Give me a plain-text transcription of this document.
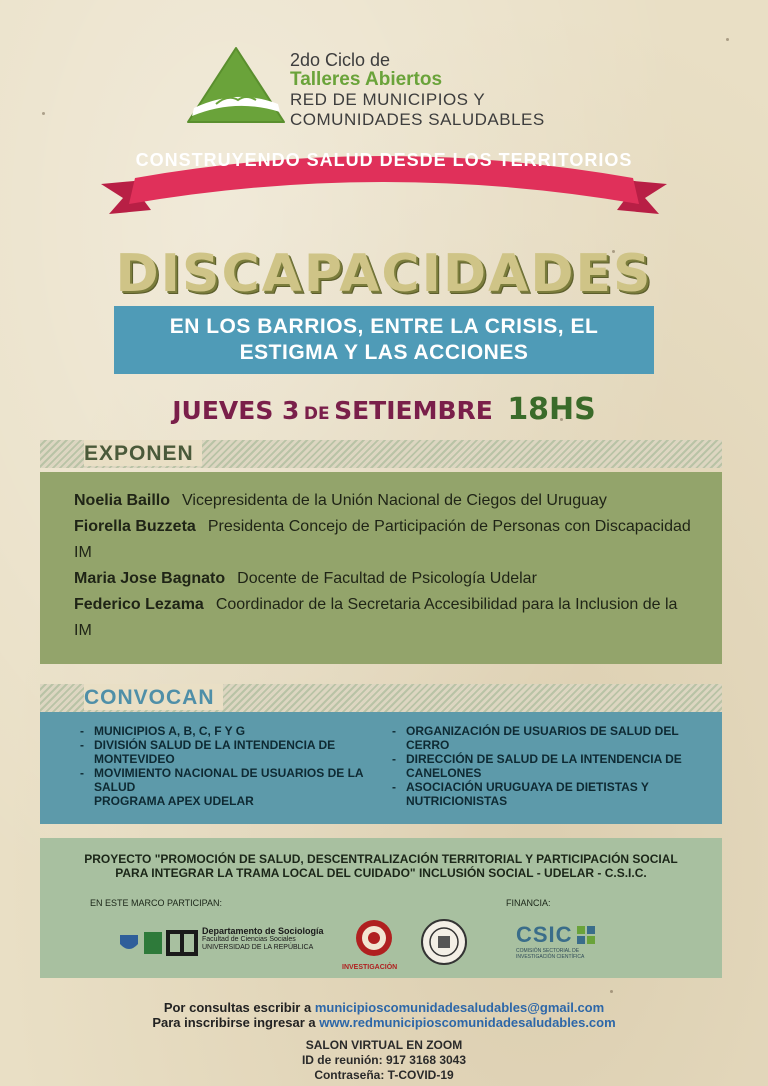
2do Ciclo de
Talleres Abiertos
RED DE MUNICIPIOS Y
COMUNIDADES SALUDABLES
CONSTRUYENDO SALUD DESDE LOS TERRITORIOS
DISCAPACIDADES
EN LOS BARRIOS, ENTRE LA CRISIS, EL
ESTIGMA Y LAS ACCIONES
JUEVES 3 DE SETIEMBRE 18HS
EXPONEN
Noelia Baillo Vicepresidenta de la Unión Nacional de Ciegos del Uruguay
Fiorella Buzzeta Presidenta Concejo de Participación de Personas con Discapacidad IM
Maria Jose Bagnato Docente de Facultad de Psicología Udelar
Federico Lezama Coordinador de la Secretaria Accesibilidad para la Inclusion de la IM
CONVOCAN
- MUNICIPIOS A, B, C, F Y G
- DIVISIÓN SALUD DE LA INTENDENCIA DE MONTEVIDEO
- MOVIMIENTO NACIONAL DE USUARIOS DE LA SALUD
PROGRAMA APEX UDELAR
- ORGANIZACIÓN DE USUARIOS DE SALUD DEL CERRO
- DIRECCIÓN DE SALUD DE LA INTENDENCIA DE CANELONES
- ASOCIACIÓN URUGUAYA DE DIETISTAS Y NUTRICIONISTAS
PROYECTO "PROMOCIÓN DE SALUD, DESCENTRALIZACIÓN TERRITORIAL Y PARTICIPACIÓN SOCIAL PARA INTEGRAR LA TRAMA LOCAL DEL CUIDADO" INCLUSIÓN SOCIAL - UDELAR - C.S.I.C.
EN ESTE MARCO PARTICIPAN:	FINANCIA:
Departamento de Sociología
Facultad de Ciencias Sociales
UNIVERSIDAD DE LA REPÚBLICA
INVESTIGACIÓN
CSIC
COMISIÓN SECTORIAL DE INVESTIGACIÓN CIENTÍFICA
Por consultas escribir a municipioscomunidadesaludables@gmail.com
Para inscribirse ingresar a www.redmunicipioscomunidadesaludables.com
SALON VIRTUAL EN ZOOM
ID de reunión: 917 3168 3043
Contraseña: T-COVID-19
